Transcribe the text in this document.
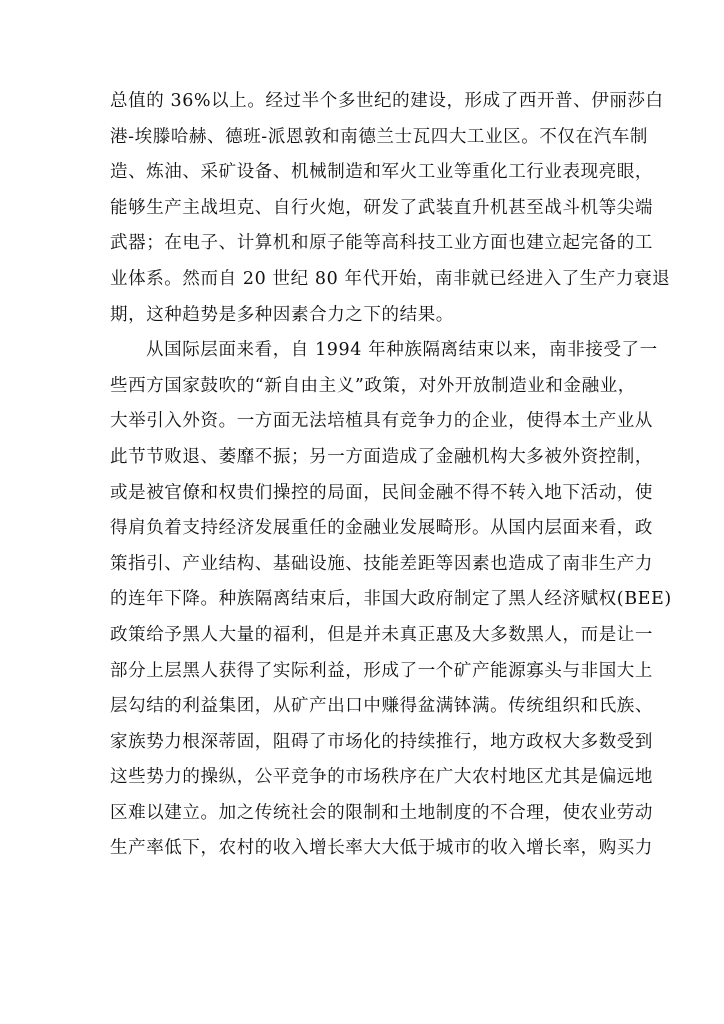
总值的 36%以上。经过半个多世纪的建设，形成了西开普、伊丽莎白
港-埃滕哈赫、德班-派恩敦和南德兰士瓦四大工业区。不仅在汽车制
造、炼油、采矿设备、机械制造和军火工业等重化工行业表现亮眼，
能够生产主战坦克、自行火炮，研发了武装直升机甚至战斗机等尖端
武器；在电子、计算机和原子能等高科技工业方面也建立起完备的工
业体系。然而自 20 世纪 80 年代开始，南非就已经进入了生产力衰退
期，这种趋势是多种因素合力之下的结果。
从国际层面来看，自 1994 年种族隔离结束以来，南非接受了一
些西方国家鼓吹的“新自由主义”政策，对外开放制造业和金融业，
大举引入外资。一方面无法培植具有竞争力的企业，使得本土产业从
此节节败退、萎靡不振；另一方面造成了金融机构大多被外资控制，
或是被官僚和权贵们操控的局面，民间金融不得不转入地下活动，使
得肩负着支持经济发展重任的金融业发展畸形。从国内层面来看，政
策指引、产业结构、基础设施、技能差距等因素也造成了南非生产力
的连年下降。种族隔离结束后，非国大政府制定了黑人经济赋权(BEE)
政策给予黑人大量的福利，但是并未真正惠及大多数黑人，而是让一
部分上层黑人获得了实际利益，形成了一个矿产能源寡头与非国大上
层勾结的利益集团，从矿产出口中赚得盆满钵满。传统组织和氏族、
家族势力根深蒂固，阻碍了市场化的持续推行，地方政权大多数受到
这些势力的操纵，公平竞争的市场秩序在广大农村地区尤其是偏远地
区难以建立。加之传统社会的限制和土地制度的不合理，使农业劳动
生产率低下，农村的收入增长率大大低于城市的收入增长率，购买力
